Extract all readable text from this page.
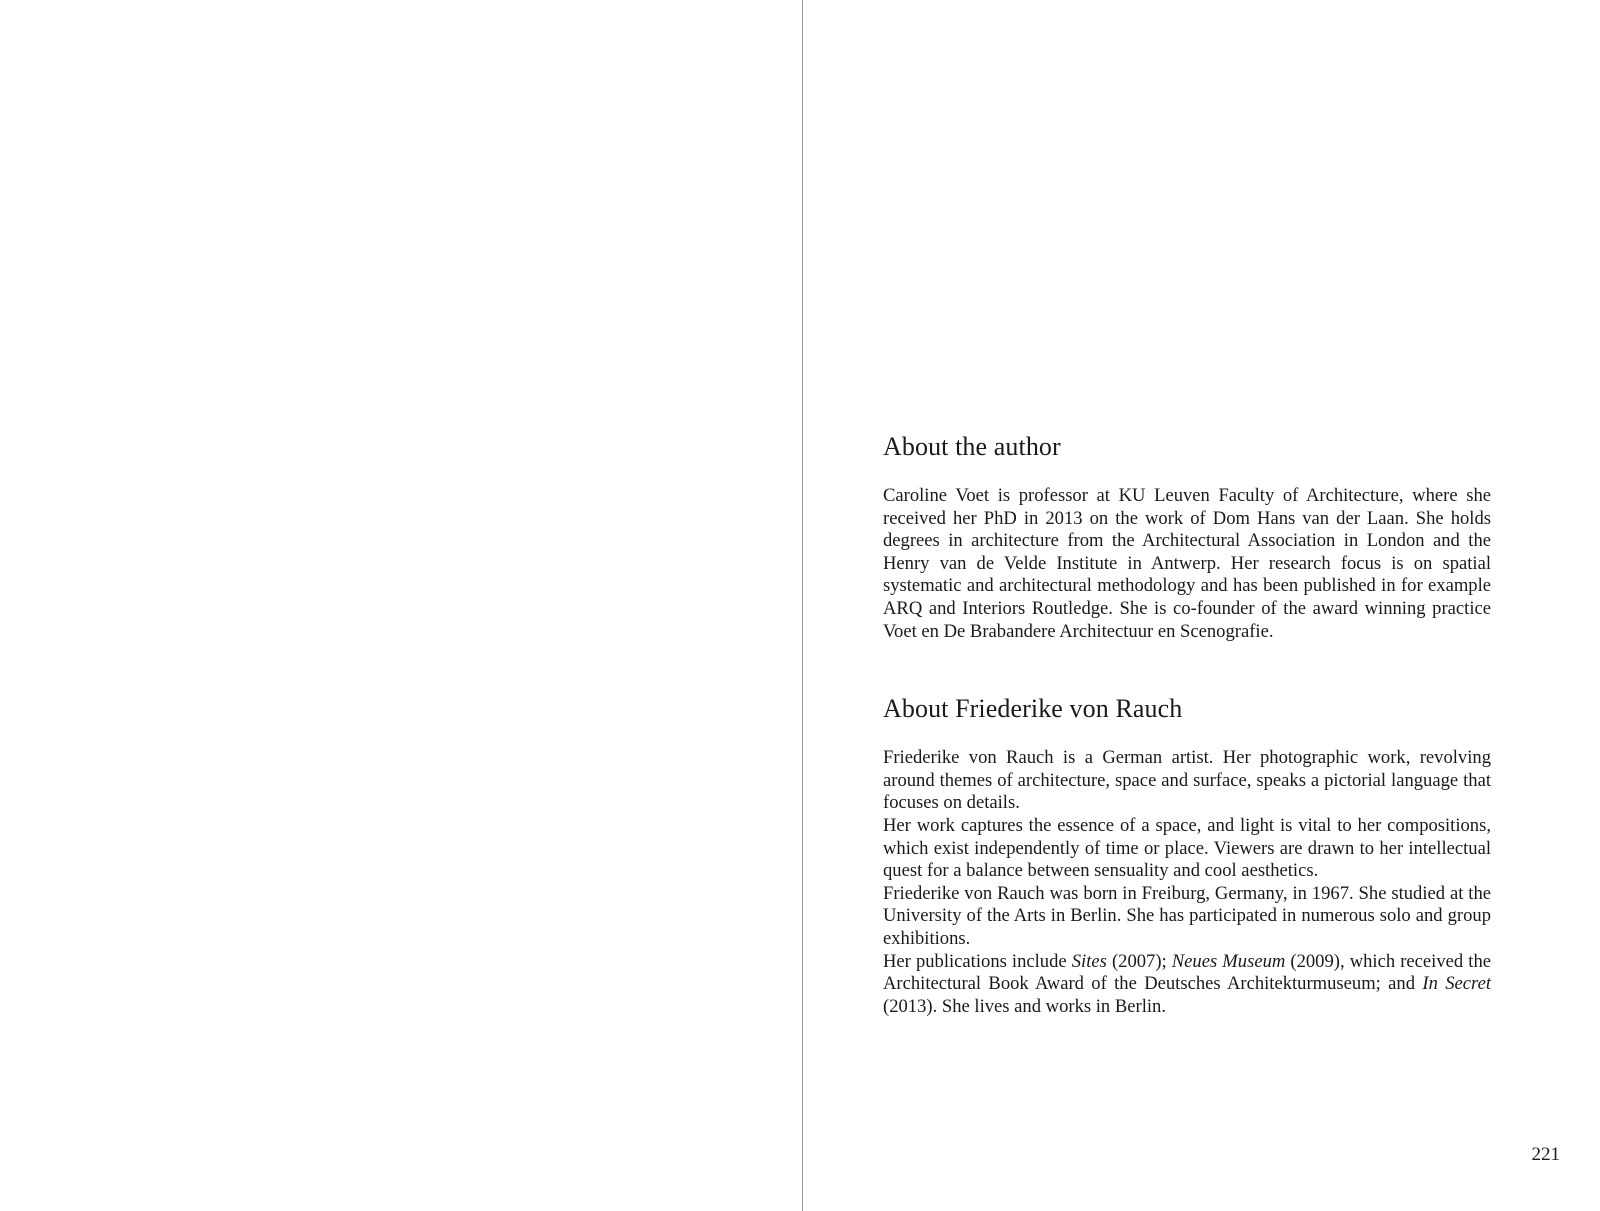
About the author

Caroline Voet is professor at KU Leuven Faculty of Architecture, where she received her PhD in 2013 on the work of Dom Hans van der Laan. She holds degrees in architecture from the Architectural Association in London and the Henry van de Velde Institute in Antwerp. Her research focus is on spatial systematic and architectural methodology and has been published in for example ARQ and Interiors Routledge. She is co-founder of the award winning practice Voet en De Brabandere Architectuur en Scenografie.

About Friederike von Rauch

Friederike von Rauch is a German artist. Her photographic work, revolving around themes of architecture, space and surface, speaks a pictorial language that focuses on details.

Her work captures the essence of a space, and light is vital to her compositions, which exist independently of time or place. Viewers are drawn to her intellectual quest for a balance between sensuality and cool aesthetics.

Friederike von Rauch was born in Freiburg, Germany, in 1967. She studied at the University of the Arts in Berlin. She has participated in numerous solo and group exhibitions.

Her publications include Sites (2007); Neues Museum (2009), which received the Architectural Book Award of the Deutsches Architekturmuseum; and In Secret (2013). She lives and works in Berlin.

221
